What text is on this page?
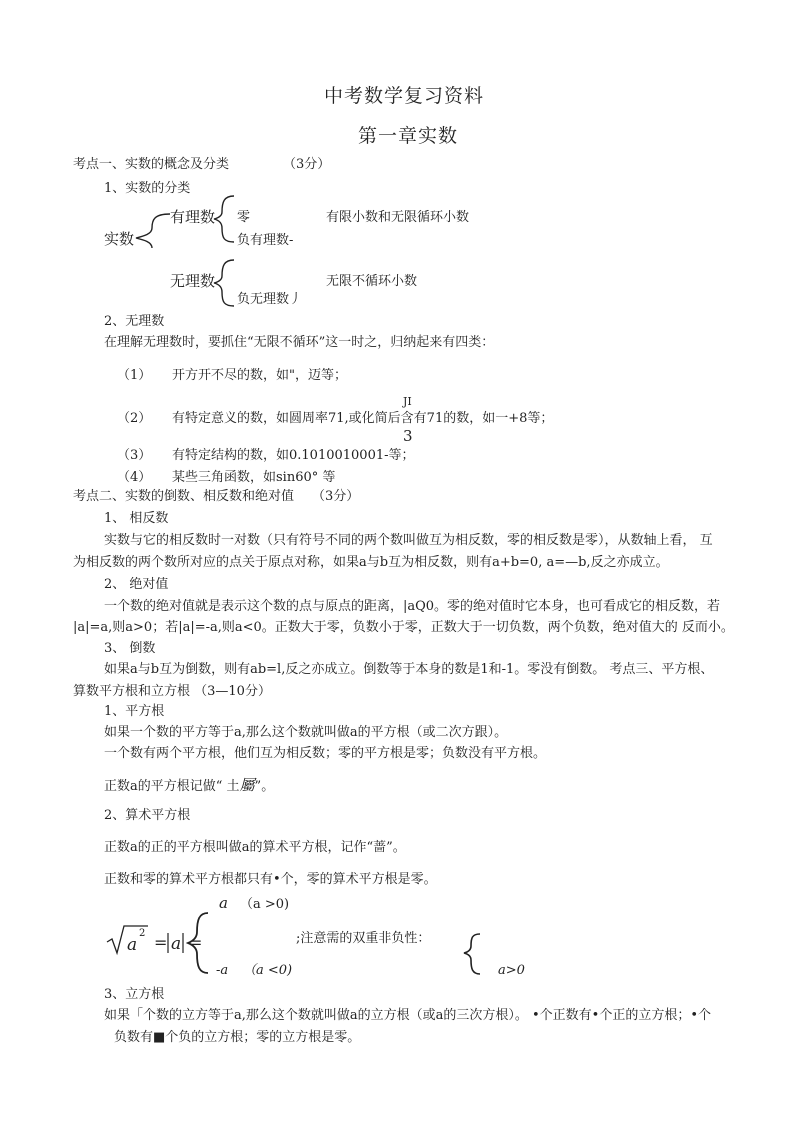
中考数学复习资料
第一章实数
考点一、实数的概念及分类	（3分）
1、实数的分类
实数
有理数 零
负有理数-
有限小数和无限循环小数
无理数
负无理数丿
无限不循环小数
2、无理数
在理解无理数时，要抓住“无限不循环”这一时之，归纳起来有四类：
（1） 开方开不尽的数，如"，迈等；
JI
（2） 有特定意义的数，如圆周率71,或化简后含有71的数，如一+8等；
3
（3） 有特定结构的数，如0.1010010001-等；
（4） 某些三角函数，如sin60° 等
考点二、实数的倒数、相反数和绝对值 （3分）
1、 相反数
实数与它的相反数时一对数（只有符号不同的两个数叫做互为相反数，零的相反数是零），从数轴上看， 互
为相反数的两个数所对应的点关于原点对称，如果a与b互为相反数，则有a+b=0, a=—b,反之亦成立。
2、 绝对值
一个数的绝对值就是表示这个数的点与原点的距离，|aQ0。零的绝对值时它本身，也可看成它的相反数，若
|a|=a,则a>0；若|a|=-a,则a<0。正数大于零，负数小于零，正数大于一切负数，两个负数，绝对值大的 反而小。
3、 倒数
如果a与b互为倒数，则有ab=l,反之亦成立。倒数等于本身的数是1和-1。零没有倒数。 考点三、平方根、
算数平方根和立方根 （3—10分）
1、平方根
如果一个数的平方等于a,那么这个数就叫做a的平方根（或二次方跟）。
一个数有两个平方根，他们互为相反数；零的平方根是零；负数没有平方根。
正数a的平方根记做“ 土屬”。
2、算术平方根
正数a的正的平方根叫做a的算术平方根，记作“蔷”。
正数和零的算术平方根都只有•个，零的算术平方根是零。
a （a >0)
a
2 = a =	;注意需的双重非负性：
-a （a <0)	a>0
3、立方根
如果「个数的立方等于a,那么这个数就叫做a的立方根（或a的三次方根）。 •个正数有•个正的立方根；•个
负数有■个负的立方根；零的立方根是零。
